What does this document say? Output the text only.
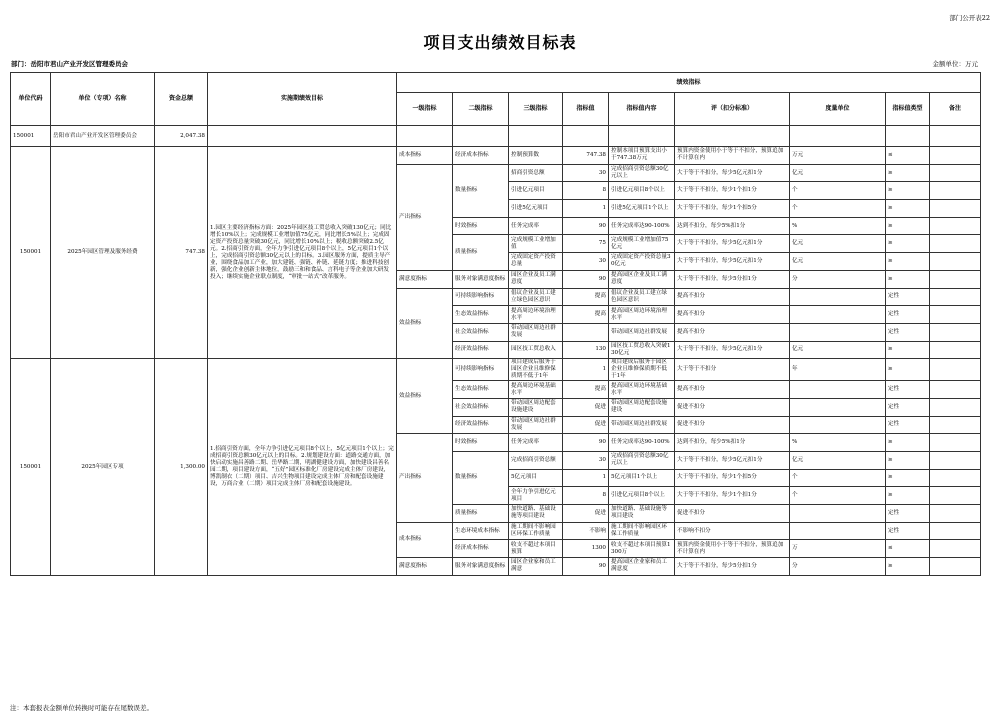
部门公开表22
项目支出绩效目标表
部门：岳阳市君山产业开发区管理委员会	金额单位：万元
单位代码	单位（专项）名称	资金总额	实施期绩效目标	绩效指标								
				一级指标	二级指标	三级指标	指标值	指标值内容	评（扣分标准）	度量单位	指标值类型	备注
150001	岳阳市君山产业开发区管理委员会	2,047.38										
150001	2025年园区管理及服务经费	747.38	1.园区主要经济指标方面：2025年园区技工贸总收入突破130亿元；同比增长10%以上；完成规模工业增加值75亿元，同比增长5%以上；完成固定资产投资总量突破30亿元，同比增长10%以上；税收总额突破2.5亿元。2.招商引资方面，全年力争引进亿元项目8个以上，5亿元项目1个以上，完成招商引资总额30亿元以上的目标。3.园区服务方面，提质主导产业，围绕食品加工产业，加大建链、强链、补链、延链力度；推进科技创新，强化企业创新主体地位，鼓励三和和食品、言科电子等企业加大研发投入；继续实施企业联点制度，“审批一站式”改革服务。	成本指标	经济成本指标	控制预算数	747.38	控制本项目预算支出小于747.38万元	预算内资金使用小于等于不扣分，预算追加不计算在内	万元	≤	
				产出指标	数量指标	招商引资总额	30	完成招商引资总额30亿元以上	大于等于不扣分，每少5亿元扣1分	亿元	≥	
						引进亿元项目	8	引进亿元项目8个以上	大于等于不扣分，每少1个扣1分	个	≥	
						引进5亿元项目	1	引进5亿元项目1个以上	大于等于不扣分，每少1个扣5分	个	≥	
					时效指标	任务完成率	90	任务完成率达90-100%	达到不扣分，每少5%扣1分	%	≥	
					质量指标	完成规模工业增加值	75	完成规模工业增加值75亿元	大于等于不扣分，每少5亿元扣1分	亿元	≥	
						完成固定资产投资总量	30	完成固定资产投资总量30亿元	大于等于不扣分，每少5亿元扣1分	亿元	≥	
				满意度指标	服务对象满意度指标	园区企业及员工满意度	90	提高园区企业及员工满意度	大于等于不扣分，每少5分扣1分	分	≥	
				效益指标	可持续影响指标	倡议企业及员工建立绿色园区意识	提高	倡议企业及员工建立绿色园区意识	提高不扣分		定性	
					生态效益指标	提高周边环境治理水平	提高	提高园区周边环境治理水平	提高不扣分		定性	
					社会效益指标	带动园区周边社群发展		带动园区周边社群发展	提高不扣分		定性	
					经济效益指标	园区技工贸总收入	130	园区技工贸总收入突破130亿元	大于等于不扣分，每少5亿元扣1分	亿元	≥	
150001	2025年园区专项	1,300.00	1.招商引资方面，全年力争引进亿元项目8个以上，5亿元项目1个以上；完成招商引资总额30亿元以上的目标。2.规划建设方面：道路交通方面，加快启动实施昌善路二期、岳华路二期，明湖健建设方面，加快建设昌善名园二期，项目建设方面，“五好”园区标准化厂房建设完成主体厂房建设，博凯制衣（二期）项目、吉兴生物项目建设完成主体厂房和配套设施建设，万商合业（二期）项目完成主体厂房和配套设施建设。	效益指标	可持续影响指标	项目建成后服务于园区企业且维修保质期不低于1年	1	项目建成后服务于园区企业且维修保质期不低于1年	大于等于不扣分	年	≥	
					生态效益指标	提高周边环境基础水平	提高	提高园区周边环境基础水平	提高不扣分		定性	
					社会效益指标	带动园区周边配套设施建设	促进	带动园区周边配套设施建设	促进不扣分		定性	
					经济效益指标	带动园区周边社群发展	促进	带动园区周边社群发展	促进不扣分		定性	
				产出指标	时效指标	任务完成率	90	任务完成率达90-100%	达到不扣分，每少5%扣1分	%	≥	
					数量指标	完成招商引资总额	30	完成招商引资总额30亿元以上	大于等于不扣分，每少5亿元扣1分	亿元	≥	
						5亿元项目	1	5亿元项目1个以上	大于等于不扣分，每少1个扣5分	个	≥	
						全年力争引进亿元项目	8	引进亿元项目8个以上	大于等于不扣分，每少1个扣1分	个	≥	
					质量指标	加快道路、基础设施等项目建设	促进	加快道路、基础设施等项目建设	促进不扣分		定性	
				成本指标	生态环境成本指标	施工期间不影响园区环保工作质量	不影响	施工期间不影响园区环保工作质量	不影响不扣分		定性	
					经济成本指标	收支不超过本项目预算	1300	收支不超过本项目预算1300万	预算内资金使用小于等于不扣分，预算追加不计算在内	万	≤	
				满意度指标	服务对象满意度指标	园区企业家和员工满意	90	提高园区企业家和员工满意度	大于等于不扣分，每少5分扣1分	分	≥	
注：本套报表金额单位转换时可能存在尾数误差。
